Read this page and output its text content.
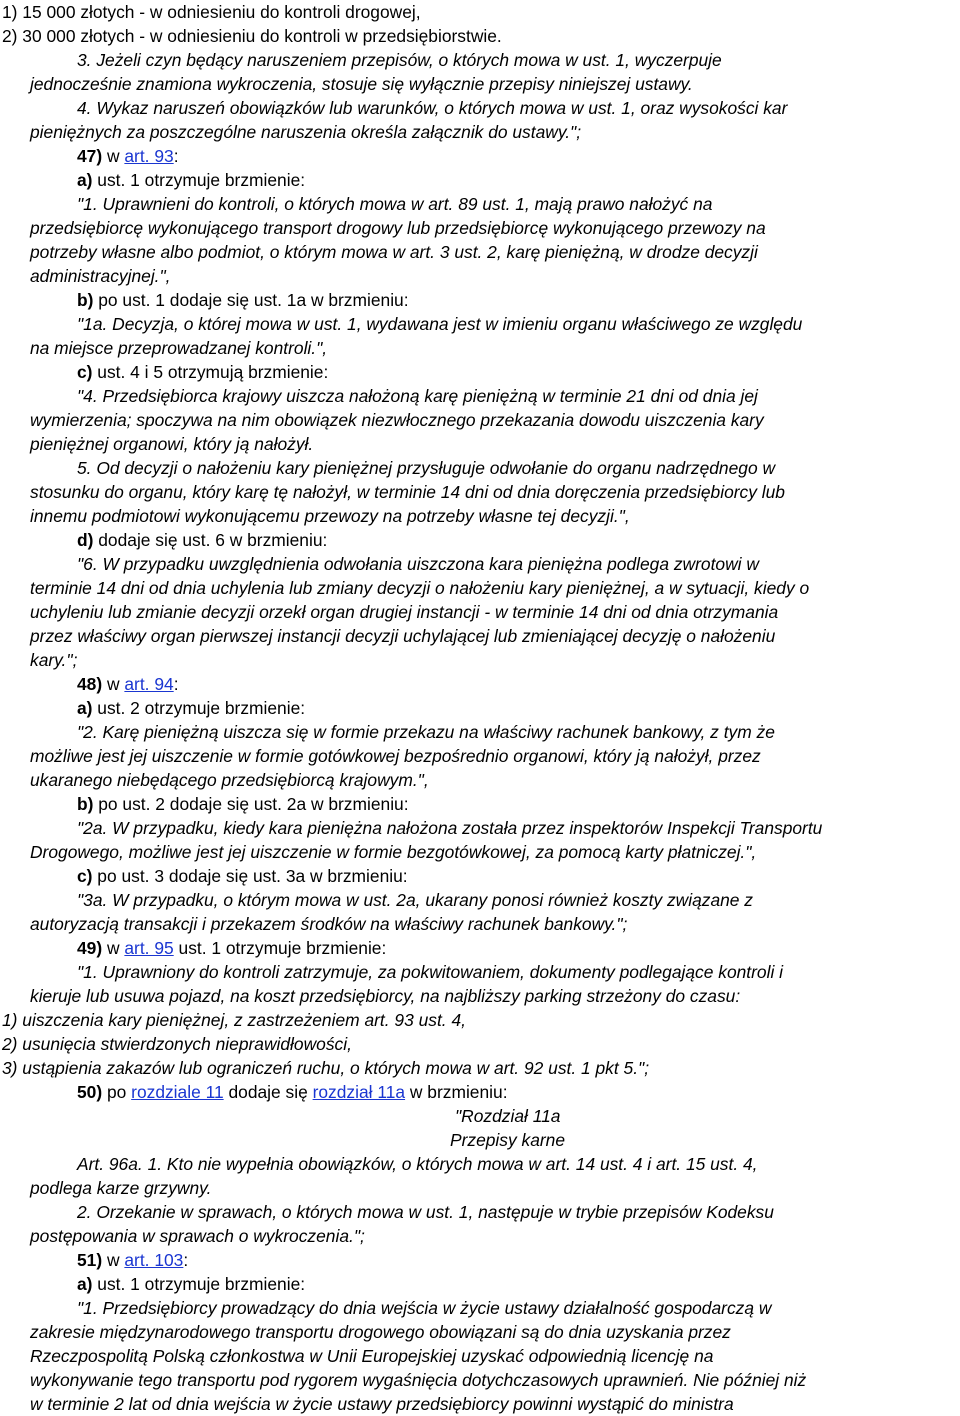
1) 15 000 złotych - w odniesieniu do kontroli drogowej,
2) 30 000 złotych - w odniesieniu do kontroli w przedsiębiorstwie.
3. Jeżeli czyn będący naruszeniem przepisów, o których mowa w ust. 1, wyczerpuje
jednocześnie znamiona wykroczenia, stosuje się wyłącznie przepisy niniejszej ustawy.
4. Wykaz naruszeń obowiązków lub warunków, o których mowa w ust. 1, oraz wysokości kar
pieniężnych za poszczególne naruszenia określa załącznik do ustawy.";
47) w art. 93:
a) ust. 1 otrzymuje brzmienie:
"1. Uprawnieni do kontroli, o których mowa w art. 89 ust. 1, mają prawo nałożyć na
przedsiębiorcę wykonującego transport drogowy lub przedsiębiorcę wykonującego przewozy na
potrzeby własne albo podmiot, o którym mowa w art. 3 ust. 2, karę pieniężną, w drodze decyzji
administracyjnej.",
b) po ust. 1 dodaje się ust. 1a w brzmieniu:
"1a. Decyzja, o której mowa w ust. 1, wydawana jest w imieniu organu właściwego ze względu
na miejsce przeprowadzanej kontroli.",
c) ust. 4 i 5 otrzymują brzmienie:
"4. Przedsiębiorca krajowy uiszcza nałożoną karę pieniężną w terminie 21 dni od dnia jej
wymierzenia; spoczywa na nim obowiązek niezwłocznego przekazania dowodu uiszczenia kary
pieniężnej organowi, który ją nałożył.
5. Od decyzji o nałożeniu kary pieniężnej przysługuje odwołanie do organu nadrzędnego w
stosunku do organu, który karę tę nałożył, w terminie 14 dni od dnia doręczenia przedsiębiorcy lub
innemu podmiotowi wykonującemu przewozy na potrzeby własne tej decyzji.",
d) dodaje się ust. 6 w brzmieniu:
"6. W przypadku uwzględnienia odwołania uiszczona kara pieniężna podlega zwrotowi w
terminie 14 dni od dnia uchylenia lub zmiany decyzji o nałożeniu kary pieniężnej, a w sytuacji, kiedy o
uchyleniu lub zmianie decyzji orzekł organ drugiej instancji - w terminie 14 dni od dnia otrzymania
przez właściwy organ pierwszej instancji decyzji uchylającej lub zmieniającej decyzję o nałożeniu
kary.";
48) w art. 94:
a) ust. 2 otrzymuje brzmienie:
"2. Karę pieniężną uiszcza się w formie przekazu na właściwy rachunek bankowy, z tym że
możliwe jest jej uiszczenie w formie gotówkowej bezpośrednio organowi, który ją nałożył, przez
ukaranego niebędącego przedsiębiorcą krajowym.",
b) po ust. 2 dodaje się ust. 2a w brzmieniu:
"2a. W przypadku, kiedy kara pieniężna nałożona została przez inspektorów Inspekcji Transportu
Drogowego, możliwe jest jej uiszczenie w formie bezgotówkowej, za pomocą karty płatniczej.",
c) po ust. 3 dodaje się ust. 3a w brzmieniu:
"3a. W przypadku, o którym mowa w ust. 2a, ukarany ponosi również koszty związane z
autoryzacją transakcji i przekazem środków na właściwy rachunek bankowy.";
49) w art. 95 ust. 1 otrzymuje brzmienie:
"1. Uprawniony do kontroli zatrzymuje, za pokwitowaniem, dokumenty podlegające kontroli i
kieruje lub usuwa pojazd, na koszt przedsiębiorcy, na najbliższy parking strzeżony do czasu:
1) uiszczenia kary pieniężnej, z zastrzeżeniem art. 93 ust. 4,
2) usunięcia stwierdzonych nieprawidłowości,
3) ustąpienia zakazów lub ograniczeń ruchu, o których mowa w art. 92 ust. 1 pkt 5.";
50) po rozdziale 11 dodaje się rozdział 11a w brzmieniu:
"Rozdział 11a
Przepisy karne
Art. 96a. 1. Kto nie wypełnia obowiązków, o których mowa w art. 14 ust. 4 i art. 15 ust. 4,
podlega karze grzywny.
2. Orzekanie w sprawach, o których mowa w ust. 1, następuje w trybie przepisów Kodeksu
postępowania w sprawach o wykroczenia.";
51) w art. 103:
a) ust. 1 otrzymuje brzmienie:
"1. Przedsiębiorcy prowadzący do dnia wejścia w życie ustawy działalność gospodarczą w
zakresie międzynarodowego transportu drogowego obowiązani są do dnia uzyskania przez
Rzeczpospolitą Polską członkostwa w Unii Europejskiej uzyskać odpowiednią licencję na
wykonywanie tego transportu pod rygorem wygaśnięcia dotychczasowych uprawnień. Nie później niż
w terminie 2 lat od dnia wejścia w życie ustawy przedsiębiorcy powinni wystąpić do ministra
